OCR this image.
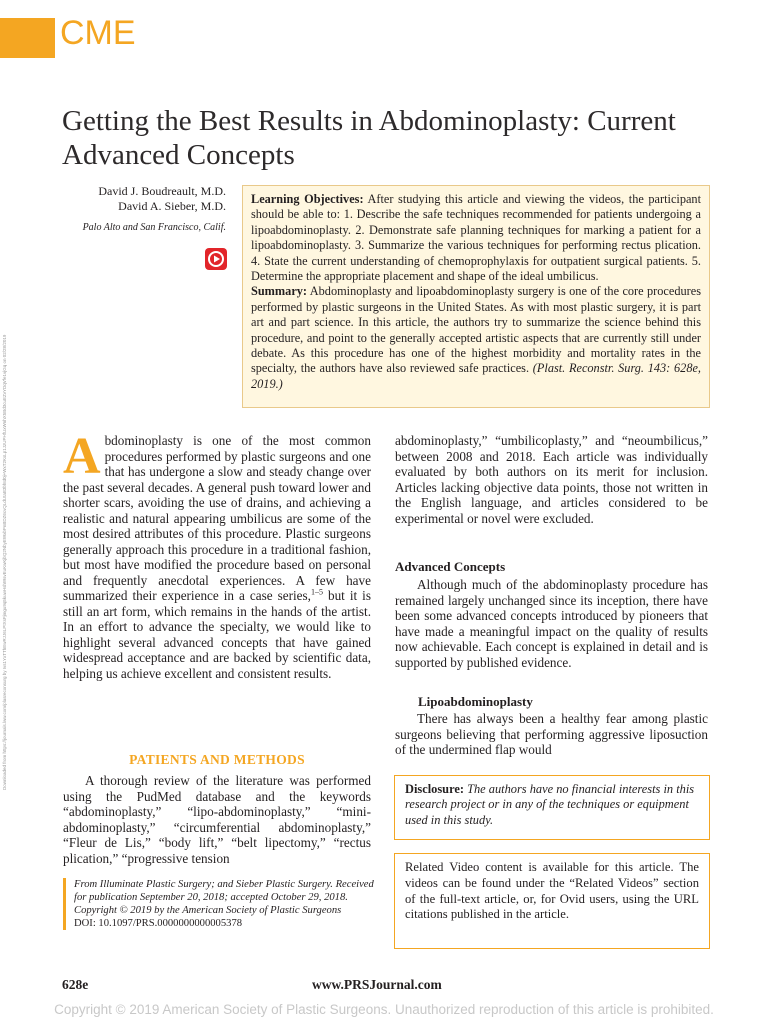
CME
Downloaded from https://journals.lww.com/plasreconsurg by Ivs1YxTThEwRJJ6LPtXsFjmgu9q5kuwHshWsvEuKwKjbQ2NbyEWxbPnBDZ6cvQLdUtaB3bhtd0j+WxT2KsLp1JzUPHfUxWnhX5Bd3cuEZvYDqVfe1vjGq on 02/28/2019
Getting the Best Results in Abdominoplasty: Current Advanced Concepts
David J. Boudreault, M.D.
David A. Sieber, M.D.
Palo Alto and San Francisco, Calif.
Learning Objectives: After studying this article and viewing the videos, the participant should be able to: 1. Describe the safe techniques recommended for patients undergoing a lipoabdominoplasty. 2. Demonstrate safe planning techniques for marking a patient for a lipoabdominoplasty. 3. Summarize the various techniques for performing rectus plication. 4. State the current understanding of chemoprophylaxis for outpatient surgical patients. 5. Determine the appropriate placement and shape of the ideal umbilicus.
Summary: Abdominoplasty and lipoabdominoplasty surgery is one of the core procedures performed by plastic surgeons in the United States. As with most plastic surgery, it is part art and part science. In this article, the authors try to summarize the science behind this procedure, and point to the generally accepted artistic aspects that are currently still under debate. As this procedure has one of the highest morbidity and mortality rates in the specialty, the authors have also reviewed safe practices. (Plast. Reconstr. Surg. 143: 628e, 2019.)

A bdominoplasty is one of the most common procedures performed by plastic surgeons and one that has undergone a slow and steady change over the past several decades. A general push toward lower and shorter scars, avoiding the use of drains, and achieving a realistic and natural appearing umbilicus are some of the most desired attributes of this procedure. Plastic surgeons generally approach this procedure in a traditional fashion, but most have modified the procedure based on personal and frequently anecdotal experiences. A few have summarized their experience in a case series,$^{1-5}$ but it is still an art form, which remains in the hands of the artist. In an effort to advance the specialty, we would like to highlight several advanced concepts that have gained widespread acceptance and are backed by scientific data, helping us achieve excellent and consistent results.

PATIENTS AND METHODS

A thorough review of the literature was performed using the PudMed database and the keywords “abdominoplasty,” “lipo-abdominoplasty,” “mini-abdominoplasty,” “circumferential abdominoplasty,” “Fleur de Lis,” “body lift,” “belt lipectomy,” “rectus plication,” “progressive tension

From Illuminate Plastic Surgery; and Sieber Plastic Surgery. Received for publication September 20, 2018; accepted October 29, 2018.
Copyright © 2019 by the American Society of Plastic Surgeons
DOI: 10.1097/PRS.0000000000005378

abdominoplasty,” “umbilicoplasty,” and “neoumbilicus,” between 2008 and 2018. Each article was individually evaluated by both authors on its merit for inclusion. Articles lacking objective data points, those not written in the English language, and articles considered to be experimental or novel were excluded.

Advanced Concepts

Although much of the abdominoplasty procedure has remained largely unchanged since its inception, there have been some advanced concepts introduced by pioneers that have made a meaningful impact on the quality of results now achievable. Each concept is explained in detail and is supported by published evidence.

Lipoabdominoplasty

There has always been a healthy fear among plastic surgeons believing that performing aggressive liposuction of the undermined flap would

Disclosure: The authors have no financial interests in this research project or in any of the techniques or equipment used in this study.
Related Video content is available for this article. The videos can be found under the “Related Videos” section of the full-text article, or, for Ovid users, using the URL citations published in the article.
628e	www.PRSJournal.com
Copyright © 2019 American Society of Plastic Surgeons. Unauthorized reproduction of this article is prohibited.
